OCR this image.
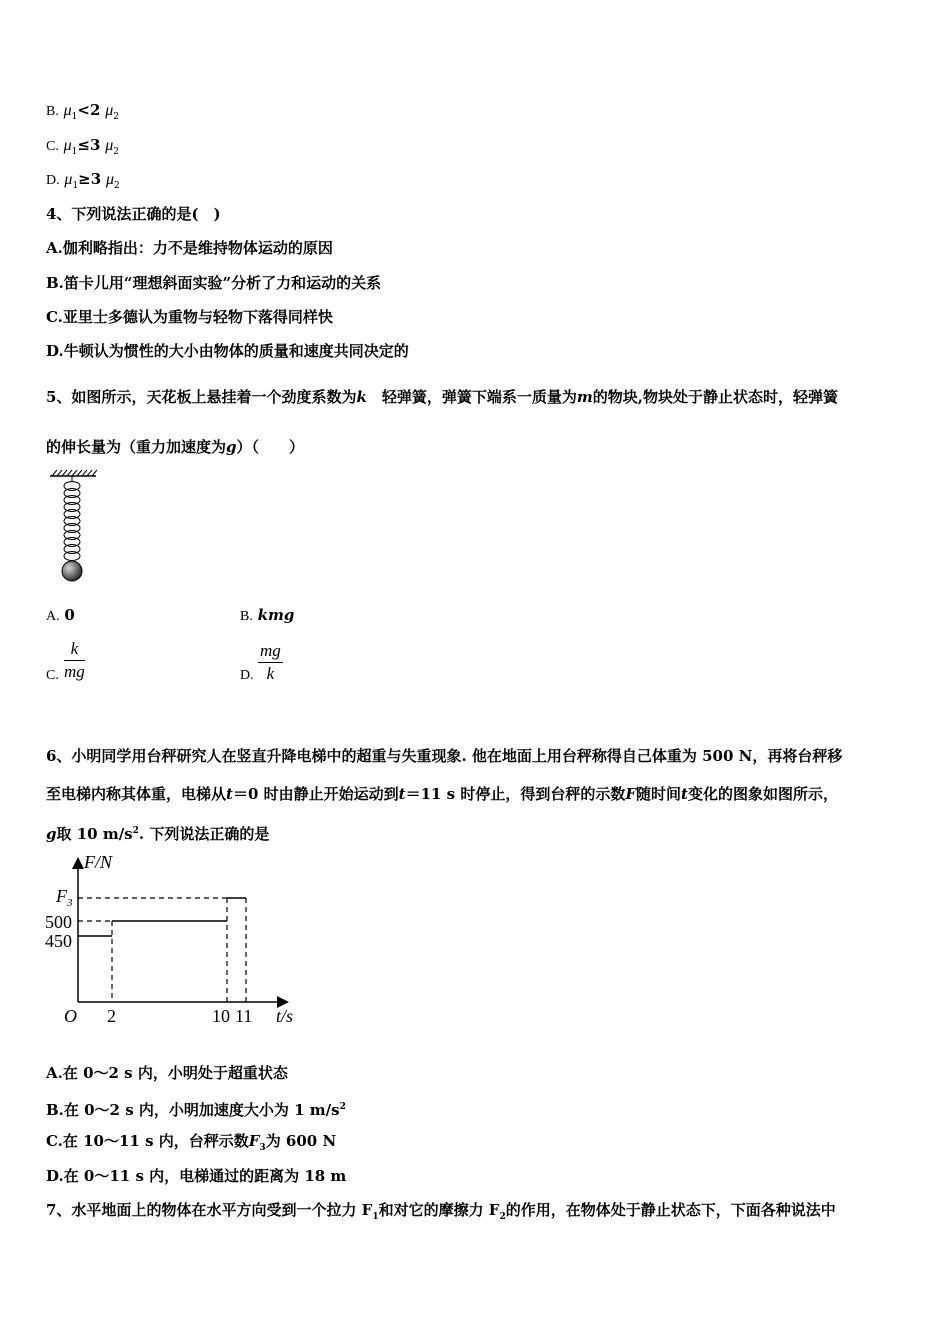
B. $\mu_1<2$ $\mu_2$
C. $\mu_1\le 3$ $\mu_2$
D. $\mu_1\ge 3$ $\mu_2$
4、下列说法正确的是(　)
A.伽利略指出：力不是维持物体运动的原因
B.笛卡儿用“理想斜面实验”分析了力和运动的关系
C.亚里士多德认为重物与轻物下落得同样快
D.牛顿认为惯性的大小由物体的质量和速度共同决定的
5、如图所示，天花板上悬挂着一个劲度系数为k　轻弹簧，弹簧下端系一质量为m的物块,物块处于静止状态时，轻弹簧
的伸长量为（重力加速度为g）（　　）
A. 0	B. kmg
C. $\frac{k}{mg}$	D. $\frac{mg}{k}$
6、小明同学用台秤研究人在竖直升降电梯中的超重与失重现象. 他在地面上用台秤称得自己体重为 500 N，再将台秤移
至电梯内称其体重，电梯从t＝0 时由静止开始运动到t＝11 s 时停止，得到台秤的示数F随时间t变化的图象如图所示，
g取 10 $m/s^2$. 下列说法正确的是
F/N
t/s
O
$F_3$
500
450
2	10 11
A.在 0～2 s 内，小明处于超重状态
B.在 0～2 s 内，小明加速度大小为 1 $m/s^2$
C.在 10～11 s 内，台秤示数$F_3$为 600 N
D.在 0～11 s 内，电梯通过的距离为 18 m
7、水平地面上的物体在水平方向受到一个拉力 $F_1$和对它的摩擦力 $F_2$的作用，在物体处于静止状态下，下面各种说法中
